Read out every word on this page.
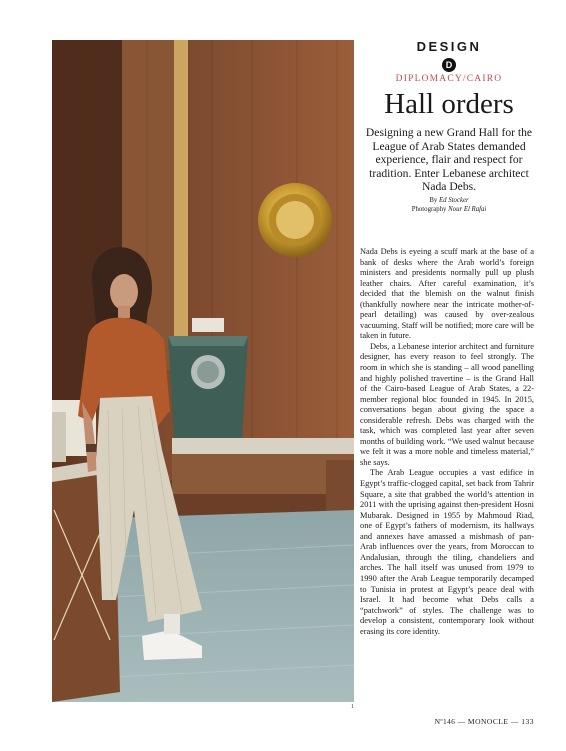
1
DESIGN
D
DIPLOMACY/CAIRO
Hall orders

Designing a new Grand Hall for the League of Arab States demanded experience, flair and respect for tradition. Enter Lebanese architect Nada Debs.

By Ed Stocker
Photography Nour El Rafai

Nada Debs is eyeing a scuff mark at the base of a bank of desks where the Arab world’s foreign ministers and presidents normally pull up plush leather chairs. After careful examination, it’s decided that the blemish on the walnut finish (thankfully nowhere near the intricate mother-of-pearl detailing) was caused by over-zealous vacuuming. Staff will be notified; more care will be taken in future.

Debs, a Lebanese interior architect and furniture designer, has every reason to feel strongly. The room in which she is standing – all wood panelling and highly polished travertine – is the Grand Hall of the Cairo-based League of Arab States, a 22-member regional bloc founded in 1945. In 2015, conversations began about giving the space a considerable refresh. Debs was charged with the task, which was completed last year after seven months of building work. “We used walnut because we felt it was a more noble and timeless material,” she says.

The Arab League occupies a vast edifice in Egypt’s traffic-clogged capital, set back from Tahrir Square, a site that grabbed the world’s attention in 2011 with the uprising against then-president Hosni Mubarak. Designed in 1955 by Mahmoud Riad, one of Egypt’s fathers of modernism, its hallways and annexes have amassed a mishmash of pan-Arab influences over the years, from Moroccan to Andalusian, through the tiling, chandeliers and arches. The hall itself was unused from 1979 to 1990 after the Arab League temporarily decamped to Tunisia in protest at Egypt’s peace deal with Israel. It had become what Debs calls a “patchwork” of styles. The challenge was to develop a consistent, contemporary look without erasing its core identity.

Nº146 — MONOCLE — 133
